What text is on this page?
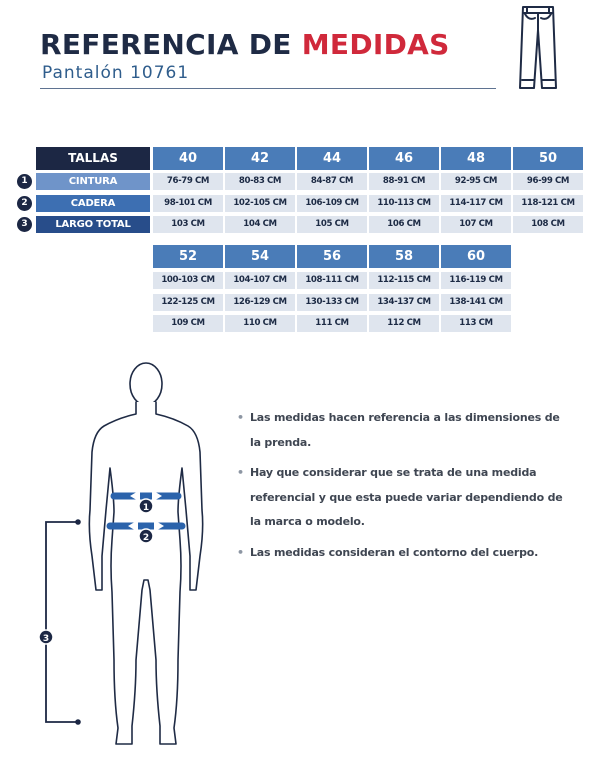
REFERENCIA DE MEDIDAS
Pantalón 10761
TALLAS
CINTURA
1
CADERA
2
LARGO TOTAL
3
40
76-79 CM
98-101 CM
103 CM
42
80-83 CM
102-105 CM
104 CM
44
84-87 CM
106-109 CM
105 CM
46
88-91 CM
110-113 CM
106 CM
48
92-95 CM
114-117 CM
107 CM
50
96-99 CM
118-121 CM
108 CM
52
100-103 CM
122-125 CM
109 CM
54
104-107 CM
126-129 CM
110 CM
56
108-111 CM
130-133 CM
111 CM
58
112-115 CM
134-137 CM
112 CM
60
116-119 CM
138-141 CM
113 CM

• Las medidas hacen referencia a las dimensiones de la prenda.

• Hay que considerar que se trata de una medida referencial y que esta puede variar dependiendo de la marca o modelo.

• Las medidas consideran el contorno del cuerpo.

1
2
3
